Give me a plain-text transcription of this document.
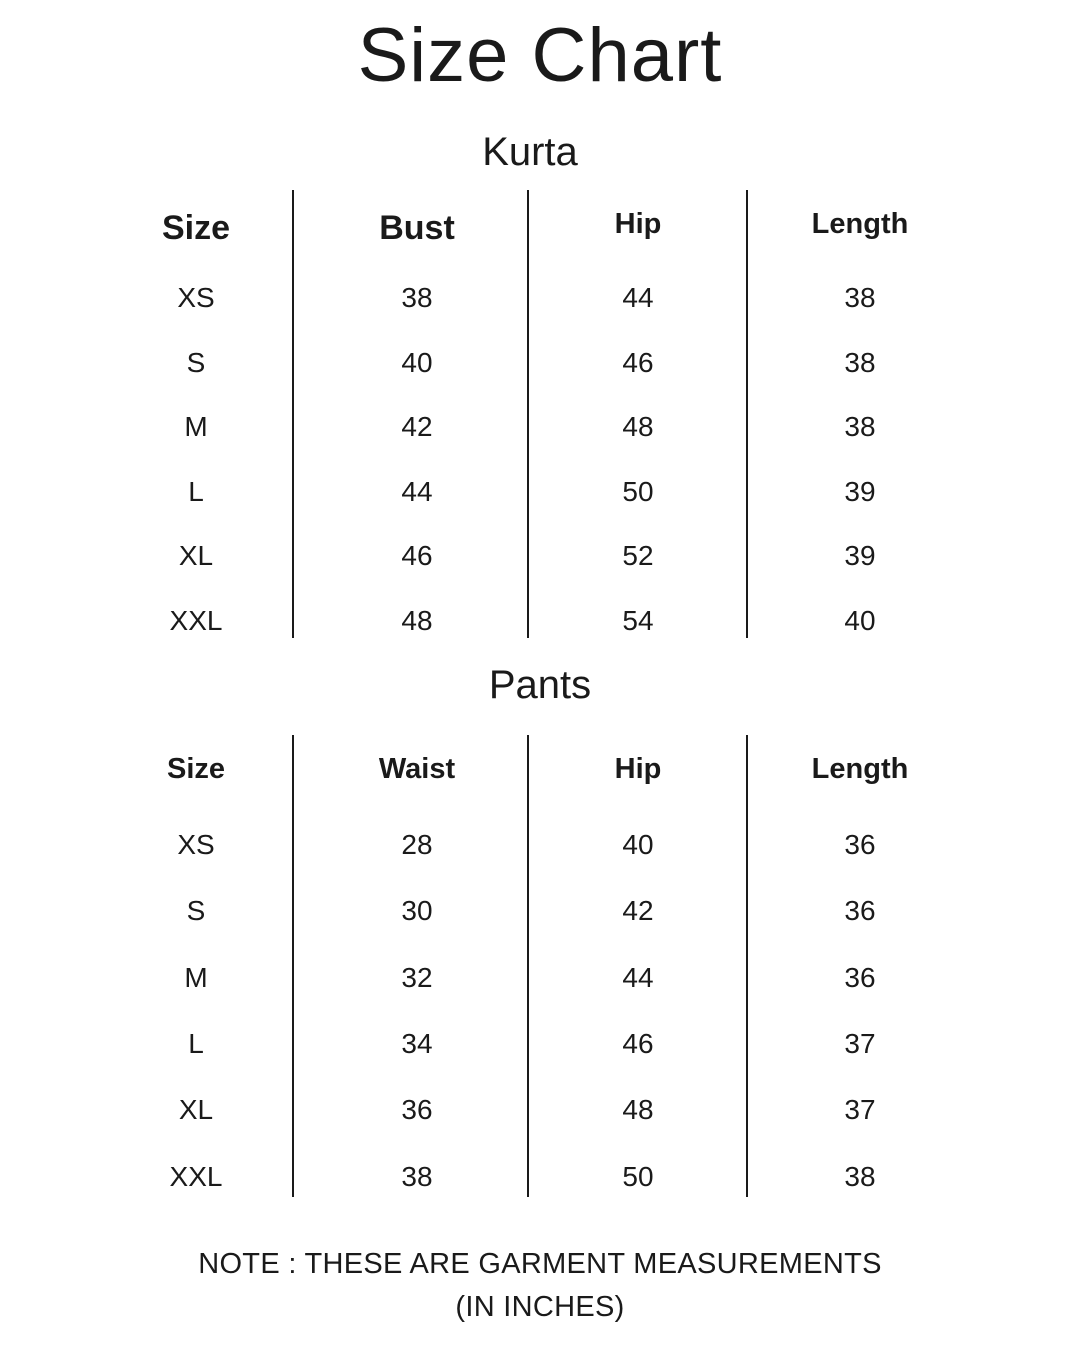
Size Chart
Kurta
Size	Bust	Hip	Length
XS	38	44	38
S	40	46	38
M	42	48	38
L	44	50	39
XL	46	52	39
XXL	48	54	40
Pants
Size	Waist	Hip	Length
XS	28	40	36
S	30	42	36
M	32	44	36
L	34	46	37
XL	36	48	37
XXL	38	50	38
NOTE : THESE ARE GARMENT MEASUREMENTS
(IN INCHES)
